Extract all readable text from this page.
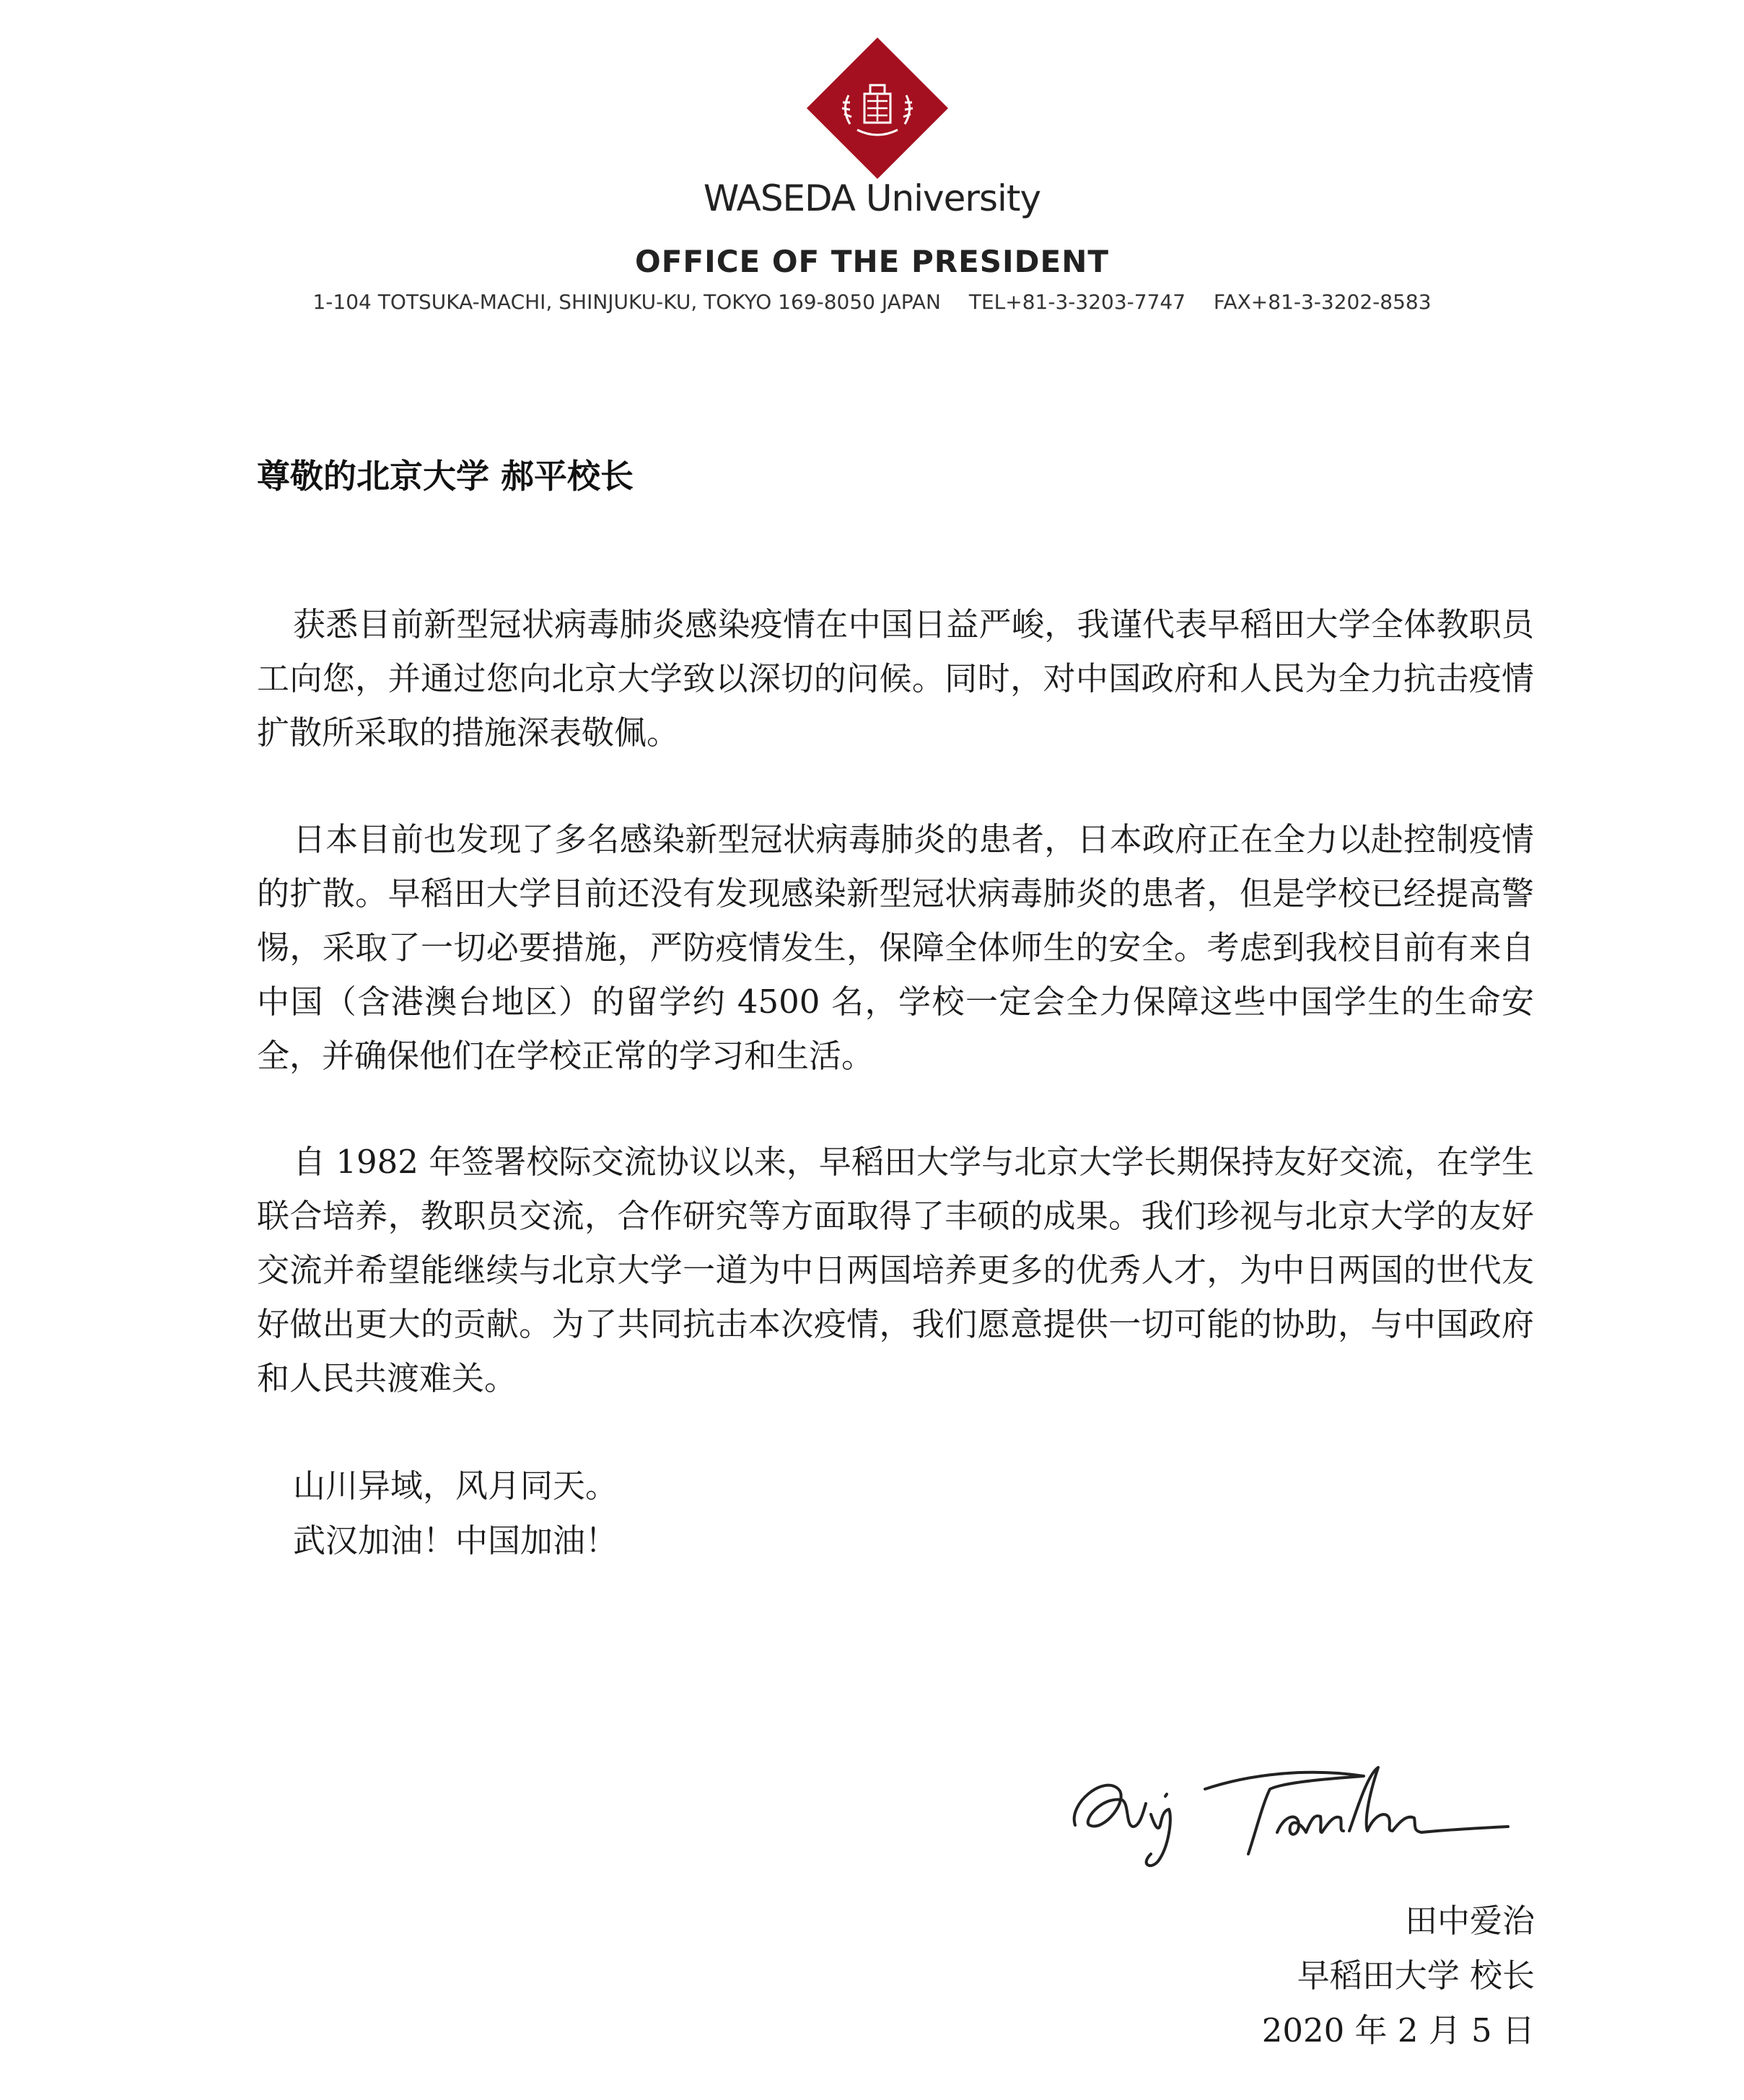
WASEDA University
OFFICE OF THE PRESIDENT
1-104 TOTSUKA-MACHI, SHINJUKU-KU, TOKYO 169-8050 JAPAN TEL+81-3-3203-7747 FAX+81-3-3202-8583
尊敬的北京大学 郝平校长
获悉目前新型冠状病毒肺炎感染疫情在中国日益严峻，我谨代表早稻田大学全体教职员工向您，并通过您向北京大学致以深切的问候。同时，对中国政府和人民为全力抗击疫情扩散所采取的措施深表敬佩。
日本目前也发现了多名感染新型冠状病毒肺炎的患者，日本政府正在全力以赴控制疫情的扩散。早稻田大学目前还没有发现感染新型冠状病毒肺炎的患者，但是学校已经提高警惕，采取了一切必要措施，严防疫情发生，保障全体师生的安全。考虑到我校目前有来自中国（含港澳台地区）的留学约 4500 名，学校一定会全力保障这些中国学生的生命安全，并确保他们在学校正常的学习和生活。
自 1982 年签署校际交流协议以来，早稻田大学与北京大学长期保持友好交流，在学生联合培养，教职员交流，合作研究等方面取得了丰硕的成果。我们珍视与北京大学的友好交流并希望能继续与北京大学一道为中日两国培养更多的优秀人才，为中日两国的世代友好做出更大的贡献。为了共同抗击本次疫情，我们愿意提供一切可能的协助，与中国政府和人民共渡难关。
山川异域，风月同天。
武汉加油！中国加油！
田中爱治
早稻田大学 校长
2020 年 2 月 5 日
